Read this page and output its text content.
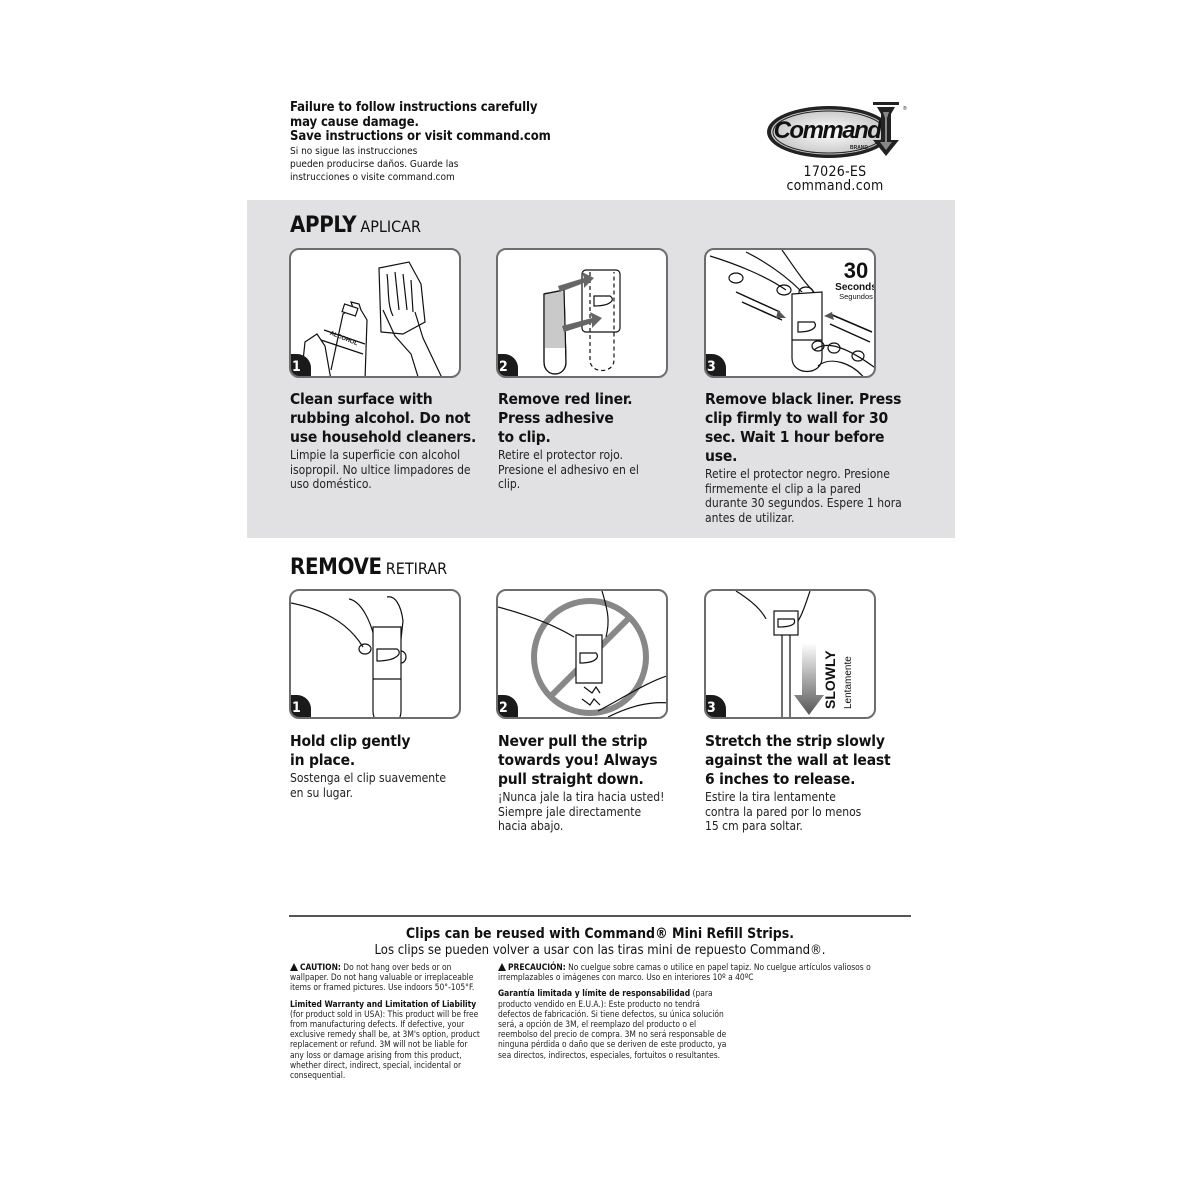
Failure to follow instructions carefully
may cause damage.
Save instructions or visit command.com
Si no sigue las instrucciones
pueden producirse daños. Guarde las
instrucciones o visite command.com
Command
BRAND
®
17026-ES
command.com
APPLY APLICAR
ALCOHOL
1
Clean surface with
rubbing alcohol. Do not
use household cleaners.
Limpie la superficie con alcohol
isopropil. No ultice limpadores de
uso doméstico.
2
Remove red liner.
Press adhesive
to clip.
Retire el protector rojo.
Presione el adhesivo en el
clip.
30
Seconds
Segundos
3
Remove black liner. Press
clip firmly to wall for 30
sec. Wait 1 hour before use.
Retire el protector negro. Presione
firmemente el clip a la pared
durante 30 segundos. Espere 1 hora
antes de utilizar.
REMOVE RETIRAR
1
Hold clip gently
in place.
Sostenga el clip suavemente
en su lugar.
2
Never pull the strip
towards you! Always
pull straight down.
¡Nunca jale la tira hacia usted!
Siempre jale directamente
hacia abajo.
SLOWLY Lentamente
3
Stretch the strip slowly
against the wall at least
6 inches to release.
Estire la tira lentamente
contra la pared por lo menos
15 cm para soltar.
Clips can be reused with Command® Mini Refill Strips.
Los clips se pueden volver a usar con las tiras mini de repuesto Command®.
CAUTION: Do not hang over beds or on wallpaper. Do not hang valuable or irreplaceable items or framed pictures. Use indoors 50°-105°F.
Limited Warranty and Limitation of Liability (for product sold in USA): This product will be free from manufacturing defects. If defective, your exclusive remedy shall be, at 3M's option, product replacement or refund. 3M will not be liable for any loss or damage arising from this product, whether direct, indirect, special, incidental or consequential.
PRECAUCIÓN: No cuelgue sobre camas o utilice en papel tapiz. No cuelgue artículos valiosos o irremplazables o imágenes con marco. Uso en interiores 10º a 40ºC
Garantía limitada y límite de responsabilidad (para producto vendido en E.U.A.): Este producto no tendrá defectos de fabricación. Si tiene defectos, su única solución será, a opción de 3M, el reemplazo del producto o el reembolso del precio de compra. 3M no será responsable de ninguna pérdida o daño que se deriven de este producto, ya sea directos, indirectos, especiales, fortuitos o resultantes.
